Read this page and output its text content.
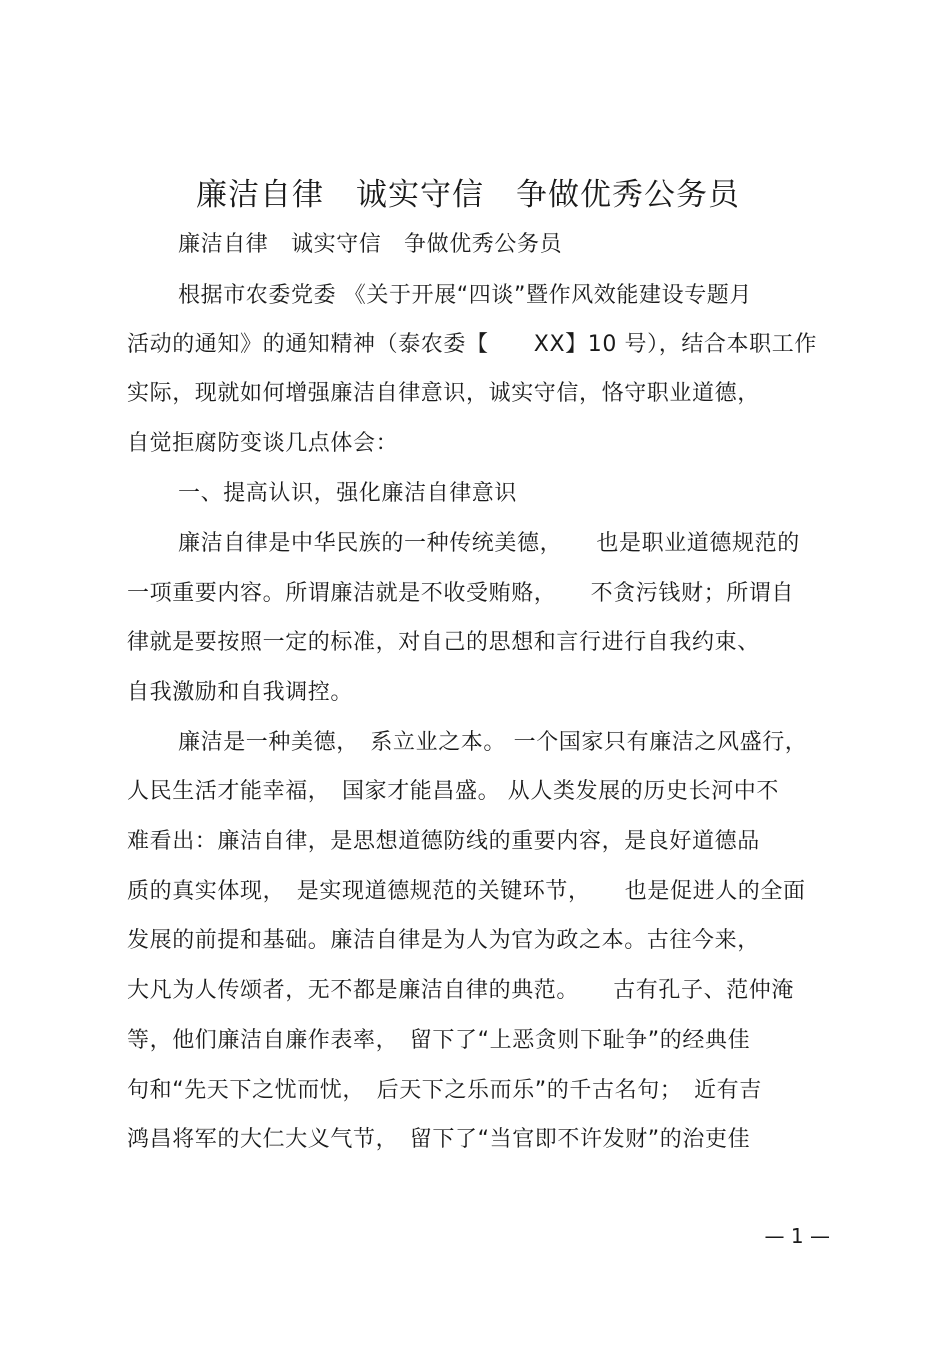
廉洁自律　诚实守信　争做优秀公务员
廉洁自律　诚实守信　争做优秀公务员
根据市农委党委 《关于开展“四谈”暨作风效能建设专题月
活动的通知》的通知精神（泰农委【　　XX】10 号），结合本职工作
实际，现就如何增强廉洁自律意识，诚实守信，恪守职业道德，
自觉拒腐防变谈几点体会：
一、提高认识，强化廉洁自律意识
廉洁自律是中华民族的一种传统美德，　　也是职业道德规范的
一项重要内容。所谓廉洁就是不收受贿赂，　　不贪污钱财；所谓自
律就是要按照一定的标准，对自己的思想和言行进行自我约束、
自我激励和自我调控。
廉洁是一种美德，　系立业之本。 一个国家只有廉洁之风盛行，
人民生活才能幸福，　国家才能昌盛。 从人类发展的历史长河中不
难看出：廉洁自律，是思想道德防线的重要内容，是良好道德品
质的真实体现，　是实现道德规范的关键环节，　　也是促进人的全面
发展的前提和基础。廉洁自律是为人为官为政之本。古往今来，
大凡为人传颂者，无不都是廉洁自律的典范。　　古有孔子、范仲淹
等，他们廉洁自廉作表率，　留下了“上恶贪则下耻争”的经典佳
句和“先天下之忧而忧，　后天下之乐而乐”的千古名句；　近有吉
鸿昌将军的大仁大义气节，　留下了“当官即不许发财”的治吏佳
— 1 —
